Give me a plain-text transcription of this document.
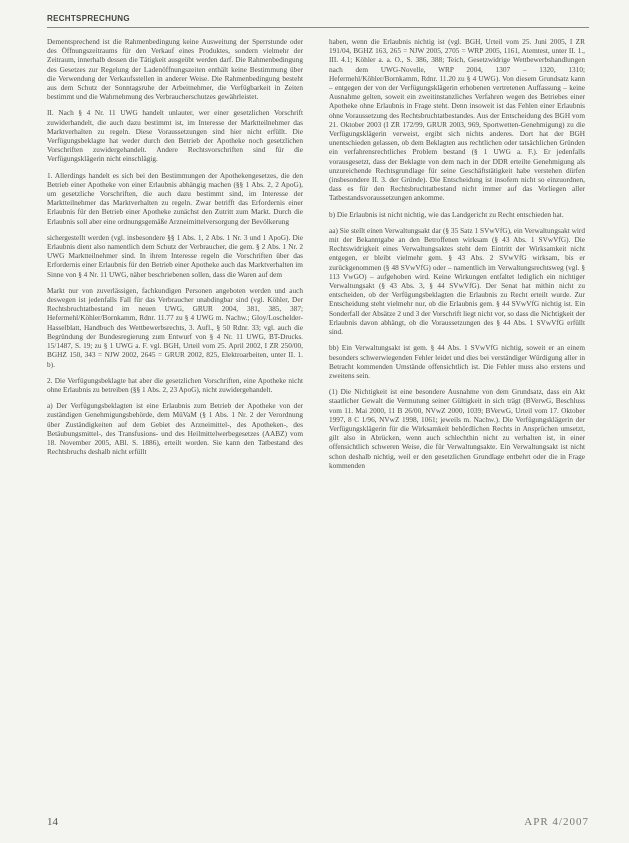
RECHTSPRECHUNG

Dementsprechend ist die Rahmenbedingung keine Ausweitung der Sperrstunde oder des Öffnungszeitraums für den Verkauf eines Produktes, sondern vielmehr der Zeitraum, innerhalb dessen die Tätigkeit ausgeübt werden darf. Die Rahmenbedingung des Gesetzes zur Regelung der Ladenöffnungszeiten enthält keine Bestimmung über die Verwendung der Verkaufsstellen in anderer Weise. Die Rahmenbedingung besteht aus dem Schutz der Sonntagsruhe der Arbeitnehmer, die Verfügbarkeit in Zeiten bestimmt und die Wahrnehmung des Verbraucherschutzes gewährleistet.

II. Nach § 4 Nr. 11 UWG handelt unlauter, wer einer gesetzlichen Vorschrift zuwiderhandelt, die auch dazu bestimmt ist, im Interesse der Marktteilnehmer das Marktverhalten zu regeln. Diese Voraussetzungen sind hier nicht erfüllt. Die Verfügungsbeklagte hat weder durch den Betrieb der Apotheke noch gesetzlichen Vorschriften zuwidergehandelt. Andere Rechtsvorschriften sind für die Verfügungsklägerin nicht einschlägig.

1. Allerdings handelt es sich bei den Bestimmungen der Apothekengesetzes, die den Betrieb einer Apotheke von einer Erlaubnis abhängig machen (§§ 1 Abs. 2, 2 ApoG), um gesetzliche Vorschriften, die auch dazu bestimmt sind, im Interesse der Marktteilnehmer das Marktverhalten zu regeln. Zwar betrifft das Erfordernis einer Erlaubnis für den Betrieb einer Apotheke zunächst den Zutritt zum Markt. Durch die Erlaubnis soll aber eine ordnungsgemäße Arzneimittelversorgung der Bevölkerung

sichergestellt werden (vgl. insbesondere §§ 1 Abs. 1, 2 Abs. 1 Nr. 3 und 1 ApoG). Die Erlaubnis dient also namentlich dem Schutz der Verbraucher, die gem. § 2 Abs. 1 Nr. 2 UWG Marktteilnehmer sind. In ihrem Interesse regeln die Vorschriften über das Erfordernis einer Erlaubnis für den Betrieb einer Apotheke auch das Marktverhalten im Sinne von § 4 Nr. 11 UWG, näher beschriebenen sollen, dass die Waren auf dem

Markt nur von zuverlässigen, fachkundigen Personen angeboten werden und auch deswegen ist jedenfalls Fall für das Verbraucher unabdingbar sind (vgl. Köhler, Der Rechtsbruchtatbestand im neuen UWG, GRUR 2004, 381, 385, 387; Hefermehl/Köhler/Bornkamm, Rdnr. 11.77 zu § 4 UWG m. Nachw.; Gloy/Loschelder-Hasselblatt, Handbuch des Wettbewerbsrechts, 3. Aufl., § 50 Rdnr. 33; vgl. auch die Begründung der Bundesregierung zum Entwurf von § 4 Nr. 11 UWG, BT-Drucks. 15/1487, S. 19; zu § 1 UWG a. F. vgl. BGH, Urteil vom 25. April 2002, I ZR 250/00, BGHZ 150, 343 = NJW 2002, 2645 = GRUR 2002, 825, Elektroarbeiten, unter II. 1. b).

2. Die Verfügungsbeklagte hat aber die gesetzlichen Vorschriften, eine Apotheke nicht ohne Erlaubnis zu betreiben (§§ 1 Abs. 2, 23 ApoG), nicht zuwidergehandelt.

a) Der Verfügungsbeklagten ist eine Erlaubnis zum Betrieb der Apotheke von der zuständigen Genehmigungsbehörde, dem MüVaM (§ 1 Abs. 1 Nr. 2 der Verordnung über Zuständigkeiten auf dem Gebiet des Arzneimittel-, des Apotheken-, des Betäubungsmittel-, des Transfusions- und des Heilmittelwerbegesetzes (AABZ) vom 18. November 2005, ABl. S. 1886), erteilt worden. Sie kann den Tatbestand des Rechtsbruchs deshalb nicht erfüllt

haben, wenn die Erlaubnis nichtig ist (vgl. BGH, Urteil vom 25. Juni 2005, I ZR 191/04, BGHZ 163, 265 = NJW 2005, 2705 = WRP 2005, 1161, Atemtest, unter II. 1., III. 4.1; Köhler a. a. O., S. 386, 388; Teich, Gesetzwidrige Wettbewerbshandlungen nach dem UWG-Novelle, WRP 2004, 1307 – 1320, 1310; Hefermehl/Köhler/Bornkamm, Rdnr. 11.20 zu § 4 UWG). Von diesem Grundsatz kann – entgegen der von der Verfügungsklägerin erhobenen vertretenen Auffassung – keine Ausnahme gelten, soweit ein zweitinstanzliches Verfahren wegen des Betriebes einer Apotheke ohne Erlaubnis in Frage steht. Denn insoweit ist das Fehlen einer Erlaubnis ohne Voraussetzung des Rechtsbruchtatbestandes. Aus der Entscheidung des BGH vom 21. Oktober 2003 (I ZR 172/99, GRUR 2003, 969, Sportwetten-Genehmigung) zu die Verfügungsklägerin verweist, ergibt sich nichts anderes. Dort hat der BGH unentschieden gelassen, ob dem Beklagten aus rechtlichen oder tatsächlichen Gründen ein verfahrensrechtliches Problem bestand (§ 1 UWG a. F.). Er jedenfalls vorausgesetzt, dass der Beklagte von dem nach in der DDR erteilte Genehmigung als unzureichende Rechtsgrundlage für seine Geschäftstätigkeit habe verstehen dürfen (insbesondere II. 3. der Gründe). Die Entscheidung ist insofern nicht so einzuordnen, dass es für den Rechtsbruchtatbestand nicht immer auf das Vorliegen aller Tatbestandsvoraussetzungen ankomme.

b) Die Erlaubnis ist nicht nichtig, wie das Landgericht zu Recht entschieden hat.

aa) Sie stellt einen Verwaltungsakt dar (§ 35 Satz 1 SVwVfG), ein Verwaltungsakt wird mit der Bekanntgabe an den Betroffenen wirksam (§ 43 Abs. 1 SVwVfG). Die Rechtswidrigkeit eines Verwaltungsaktes steht dem Eintritt der Wirksamkeit nicht entgegen, er bleibt vielmehr gem. § 43 Abs. 2 SVwVfG wirksam, bis er zurückgenommen (§ 48 SVwVfG) oder – namentlich im Verwaltungsrechtsweg (vgl. § 113 VwGO) – aufgehoben wird. Keine Wirkungen entfaltet lediglich ein nichtiger Verwaltungsakt (§ 43 Abs. 3, § 44 SVwVfG). Der Senat hat mithin nicht zu entscheiden, ob der Verfügungsbeklagten die Erlaubnis zu Recht erteilt wurde. Zur Entscheidung steht vielmehr nur, ob die Erlaubnis gem. § 44 SVwVfG nichtig ist. Ein Sonderfall der Absätze 2 und 3 der Vorschrift liegt nicht vor, so dass die Nichtigkeit der Erlaubnis davon abhängt, ob die Voraussetzungen des § 44 Abs. 1 SVwVfG erfüllt sind.

bb) Ein Verwaltungsakt ist gem. § 44 Abs. 1 SVwVfG nichtig, soweit er an einem besonders schwerwiegenden Fehler leidet und dies bei verständiger Würdigung aller in Betracht kommenden Umstände offensichtlich ist. Die Fehler muss also erstens und zweitens sein.

(1) Die Nichtigkeit ist eine besondere Ausnahme von dem Grundsatz, dass ein Akt staatlicher Gewalt die Vermutung seiner Gültigkeit in sich trägt (BVerwG, Beschluss vom 11. Mai 2000, 11 B 26/00, NVwZ 2000, 1039; BVerwG, Urteil vom 17. Oktober 1997, 8 C 1/96, NVwZ 1998, 1061; jeweils m. Nachw.). Die Verfügungsklägerin der Verfügungsklägerin für die Wirksamkeit behördlichen Rechts in Ansprüchen umsetzt, gilt also in Abrücken, wenn auch schlechthin nicht zu verhalten ist, in einer offensichtlich schweren Weise, die für Verwaltungsakte. Ein Verwaltungsakt ist nicht schon deshalb nichtig, weil er den gesetzlichen Grundlage entbehrt oder die in Frage kommenden

14	APR 4/2007
